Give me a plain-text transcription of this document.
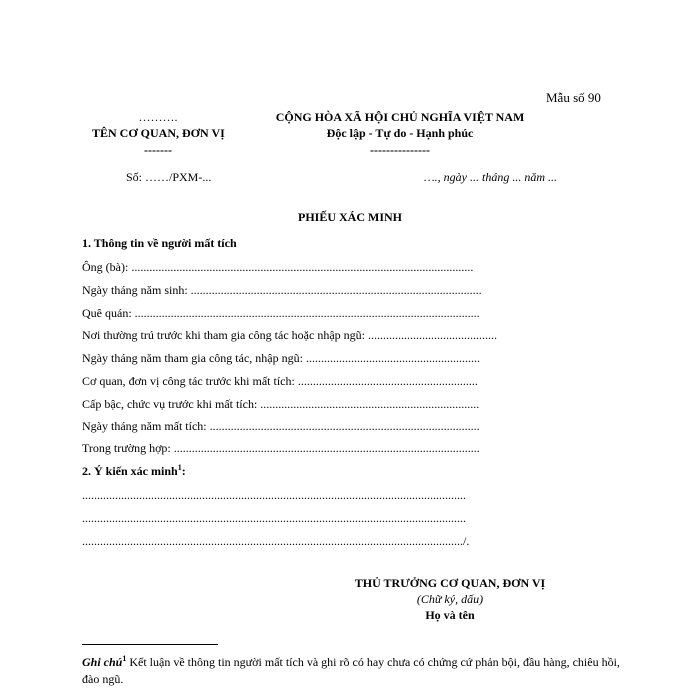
Mẫu số 90
……….
TÊN CƠ QUAN, ĐƠN VỊ
-------
CỘNG HÒA XÃ HỘI CHỦ NGHĨA VIỆT NAM
Độc lập - Tự do - Hạnh phúc
---------------
Số: ……/PXM-...	…., ngày ... tháng ... năm ...
PHIẾU XÁC MINH
1. Thông tin về người mất tích
Ông (bà): ..................................................................................................................
Ngày tháng năm sinh: .................................................................................................
Quê quán: ...................................................................................................................
Nơi thường trú trước khi tham gia công tác hoặc nhập ngũ: ...........................................
Ngày tháng năm tham gia công tác, nhập ngũ: ..........................................................
Cơ quan, đơn vị công tác trước khi mất tích: ............................................................
Cấp bậc, chức vụ trước khi mất tích: .........................................................................
Ngày tháng năm mất tích: ..........................................................................................
Trong trường hợp: ......................................................................................................
2. Ý kiến xác minh$^1$:
................................................................................................................................
................................................................................................................................
.............................................................................................................................../.
THỦ TRƯỞNG CƠ QUAN, ĐƠN VỊ
(Chữ ký, dấu)
Họ và tên
Ghi chú$^1$ Kết luận về thông tin người mất tích và ghi rõ có hay chưa có chứng cứ phản bội, đầu hàng, chiêu hồi, đào ngũ.
